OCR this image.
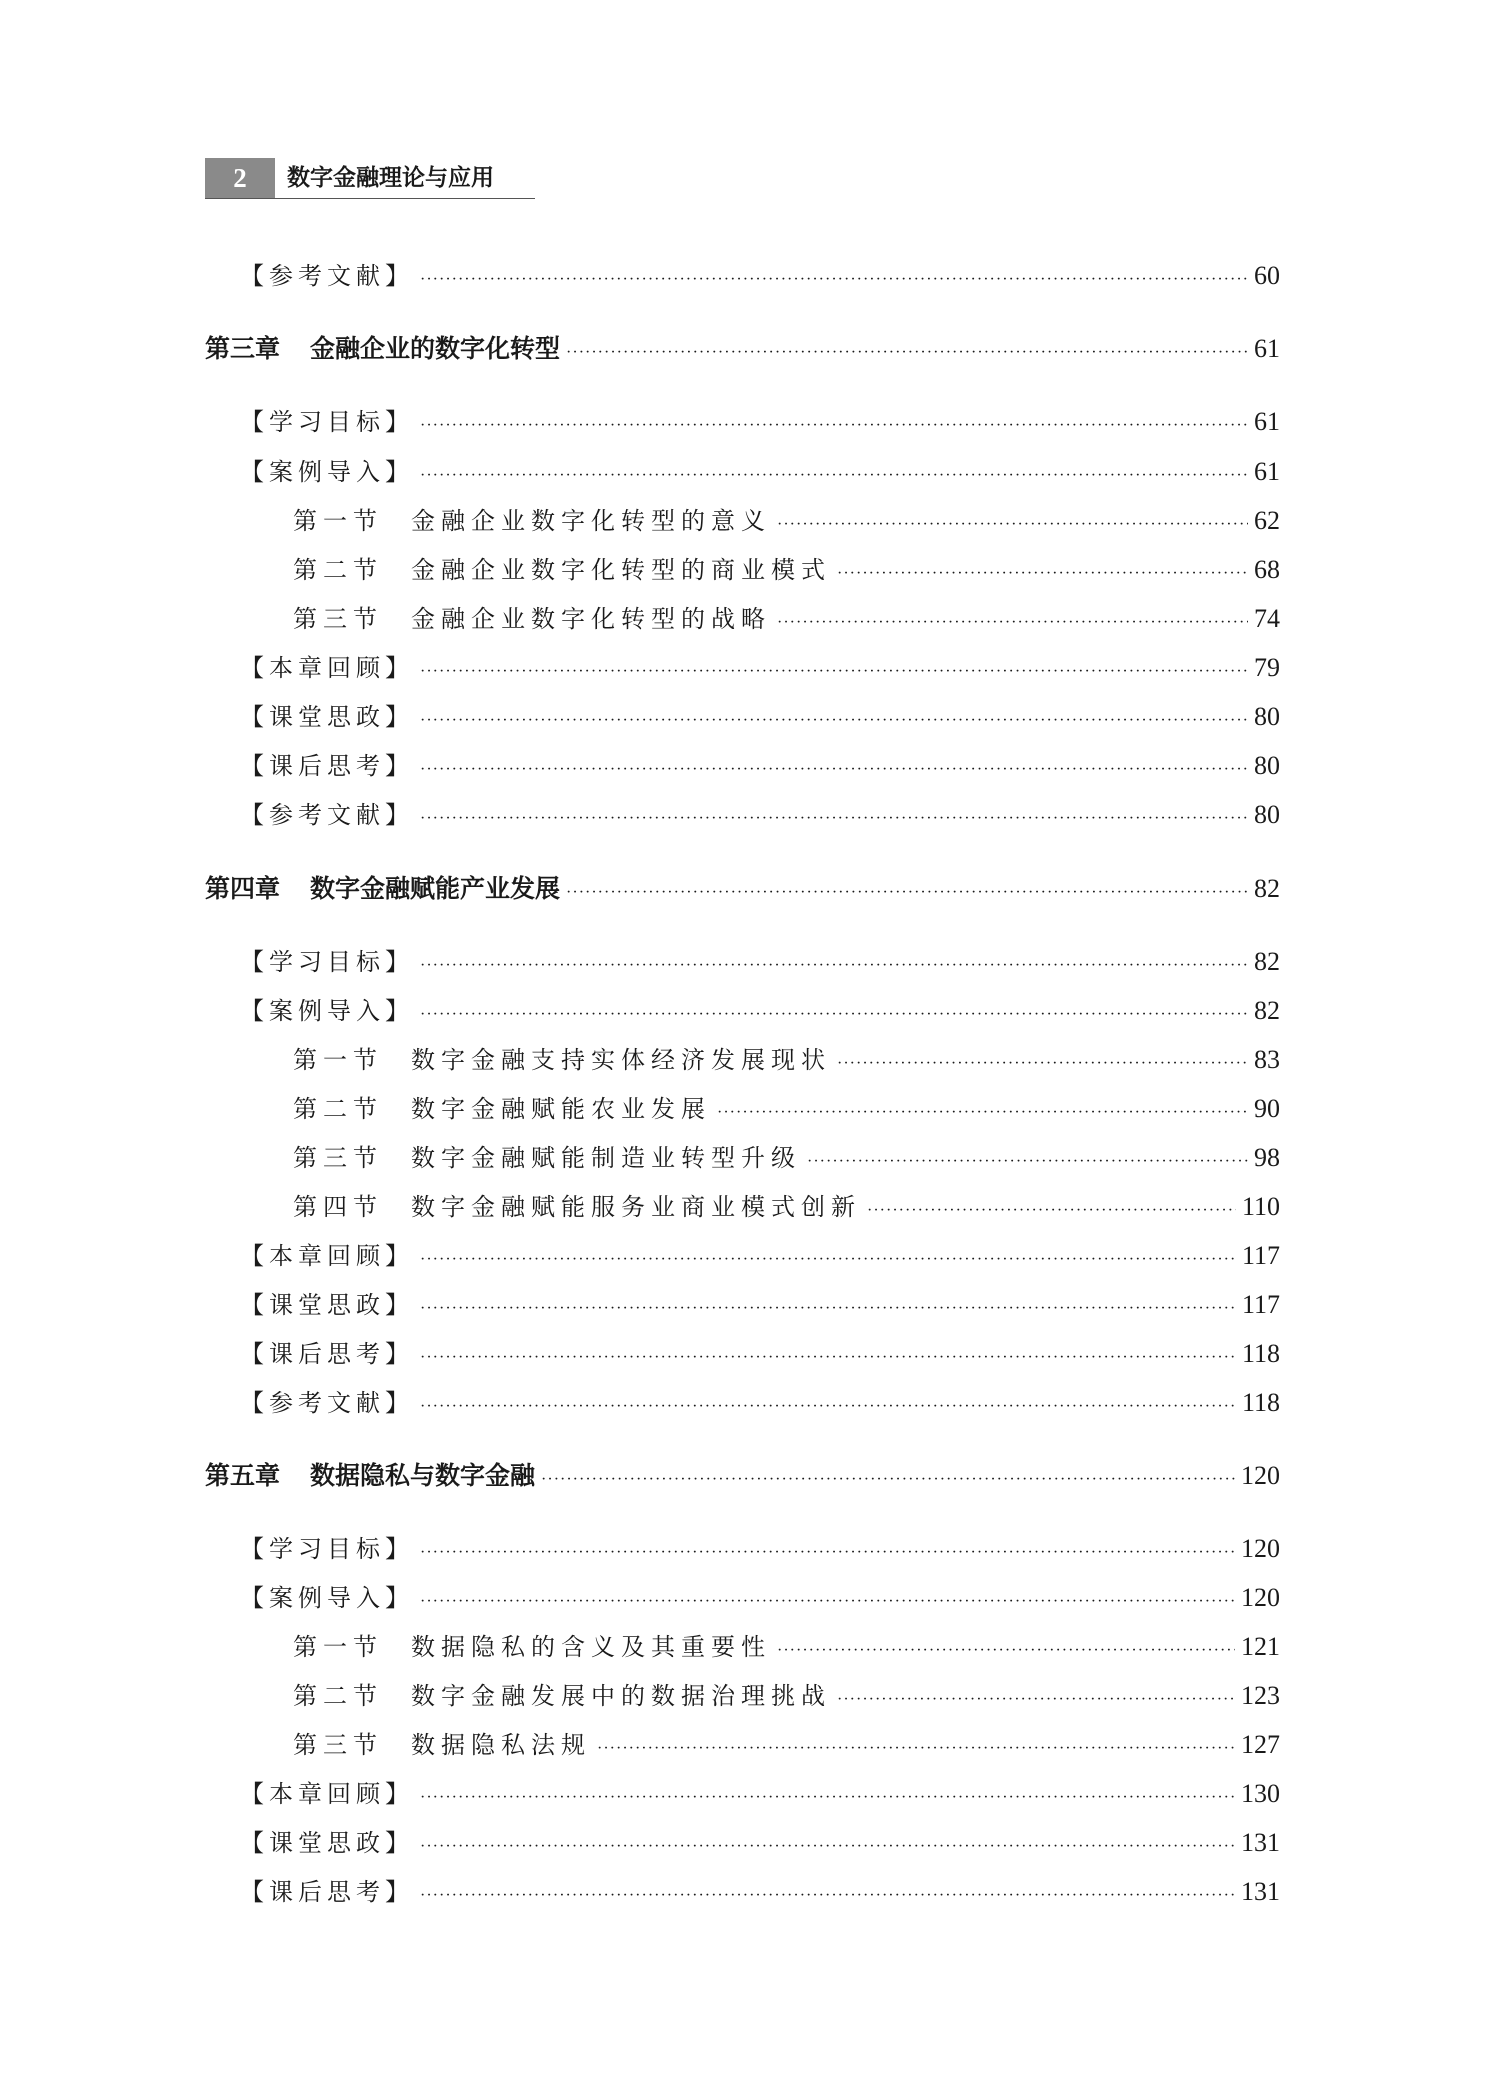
2	数字金融理论与应用
【参考文献】 ·····	60
第三章 金融企业的数字化转型 ·····	61
【学习目标】 ·····	61
【案例导入】 ·····	61
第一节 金融企业数字化转型的意义 ·····	62
第二节 金融企业数字化转型的商业模式 ·····	68
第三节 金融企业数字化转型的战略 ·····	74
【本章回顾】 ·····	79
【课堂思政】 ·····	80
【课后思考】 ·····	80
【参考文献】 ·····	80
第四章 数字金融赋能产业发展 ·····	82
【学习目标】 ·····	82
【案例导入】 ·····	82
第一节 数字金融支持实体经济发展现状 ·····	83
第二节 数字金融赋能农业发展 ·····	90
第三节 数字金融赋能制造业转型升级 ·····	98
第四节 数字金融赋能服务业商业模式创新 ·····	110
【本章回顾】 ·····	117
【课堂思政】 ·····	117
【课后思考】 ·····	118
【参考文献】 ·····	118
第五章 数据隐私与数字金融 ·····	120
【学习目标】 ·····	120
【案例导入】 ·····	120
第一节 数据隐私的含义及其重要性 ·····	121
第二节 数字金融发展中的数据治理挑战 ·····	123
第三节 数据隐私法规 ·····	127
【本章回顾】 ·····	130
【课堂思政】 ·····	131
【课后思考】 ·····	131
